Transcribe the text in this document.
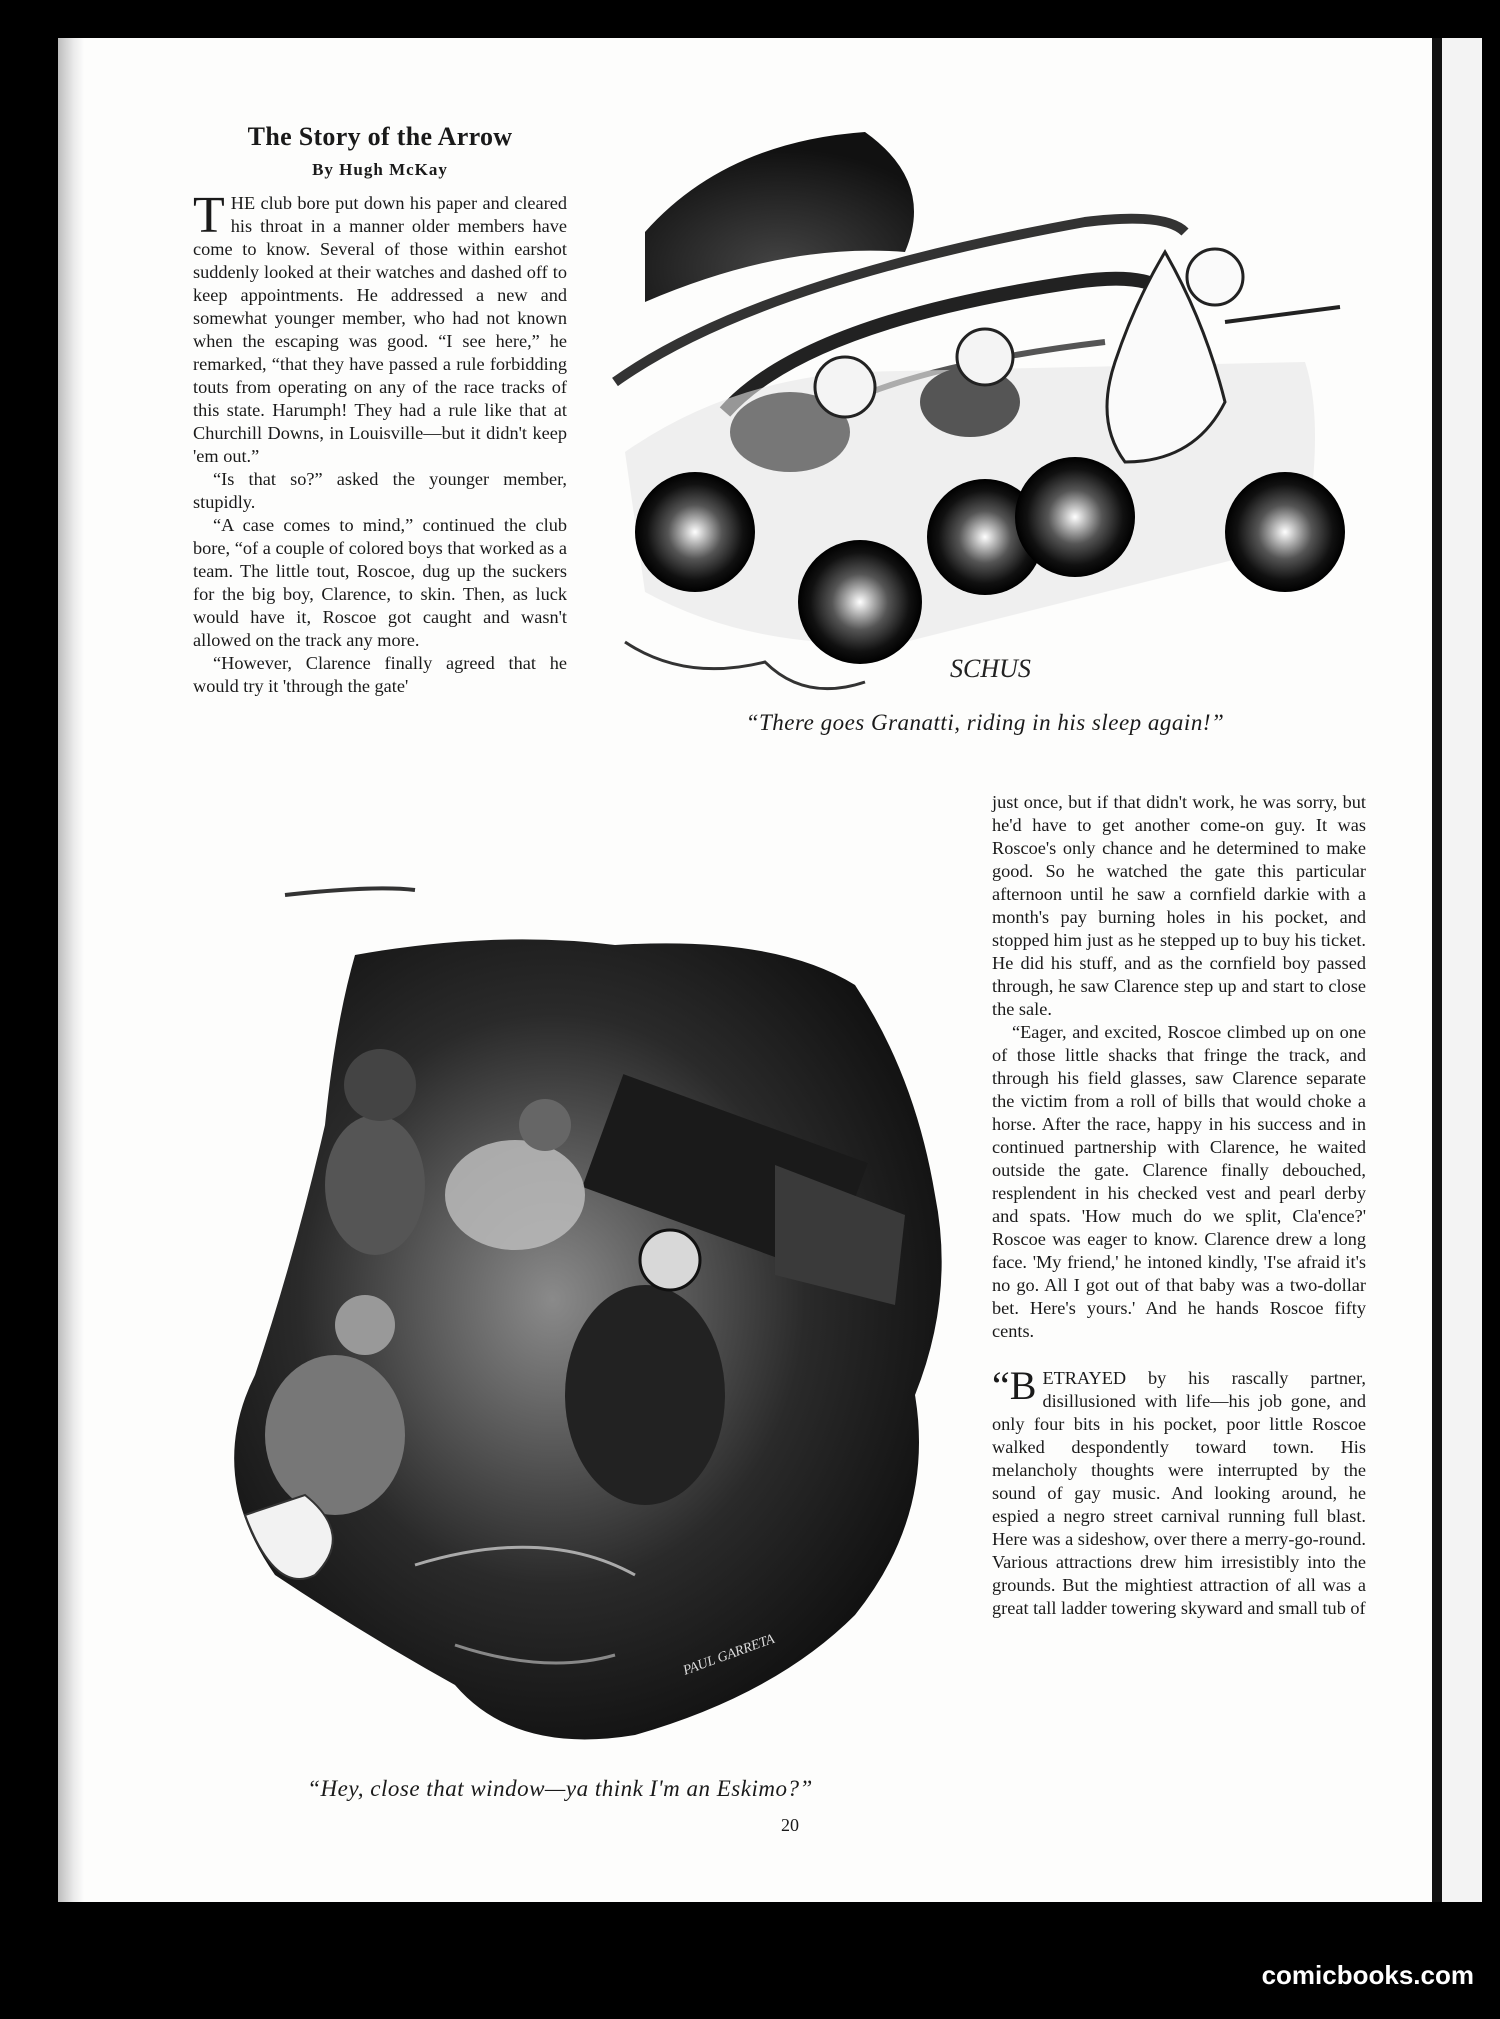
The Story of the Arrow
By Hugh McKay

THE club bore put down his paper and cleared his throat in a manner older members have come to know. Several of those within earshot suddenly looked at their watches and dashed off to keep appointments. He addressed a new and somewhat younger member, who had not known when the escaping was good. “I see here,” he remarked, “that they have passed a rule forbidding touts from operating on any of the race tracks of this state. Harumph! They had a rule like that at Churchill Downs, in Louisville—but it didn't keep 'em out.”

“Is that so?” asked the younger member, stupidly.

“A case comes to mind,” continued the club bore, “of a couple of colored boys that worked as a team. The little tout, Roscoe, dug up the suckers for the big boy, Clarence, to skin. Then, as luck would have it, Roscoe got caught and wasn't allowed on the track any more.

“However, Clarence finally agreed that he would try it 'through the gate'

just once, but if that didn't work, he was sorry, but he'd have to get another come-on guy. It was Roscoe's only chance and he determined to make good. So he watched the gate this particular afternoon until he saw a cornfield darkie with a month's pay burning holes in his pocket, and stopped him just as he stepped up to buy his ticket. He did his stuff, and as the cornfield boy passed through, he saw Clarence step up and start to close the sale.

“Eager, and excited, Roscoe climbed up on one of those little shacks that fringe the track, and through his field glasses, saw Clarence separate the victim from a roll of bills that would choke a horse. After the race, happy in his success and in continued partnership with Clarence, he waited outside the gate. Clarence finally debouched, resplendent in his checked vest and pearl derby and spats. 'How much do we split, Cla'ence?' Roscoe was eager to know. Clarence drew a long face. 'My friend,' he intoned kindly, 'I'se afraid it's no go. All I got out of that baby was a two-dollar bet. Here's yours.' And he hands Roscoe fifty cents.

“B ETRAYED by his rascally partner, disillusioned with life—his job gone, and only four bits in his pocket, poor little Roscoe walked despondently toward town. His melancholy thoughts were interrupted by the sound of gay music. And looking around, he espied a negro street carnival running full blast. Here was a sideshow, over there a merry-go-round. Various attractions drew him irresistibly into the grounds. But the mightiest attraction of all was a great tall ladder towering skyward and small tub of

SCHUS
“There goes Granatti, riding in his sleep again!”
PAUL GARRETA
“Hey, close that window—ya think I'm an Eskimo?”
20
comicbooks.com
